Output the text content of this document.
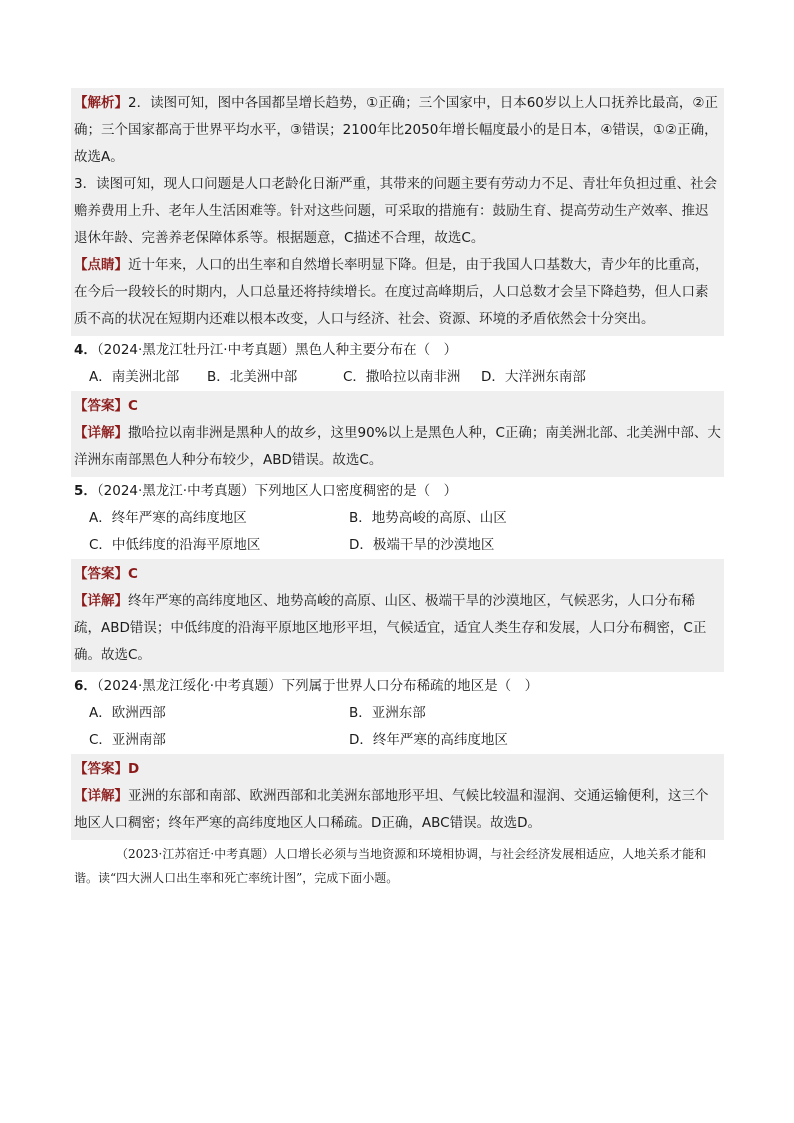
【解析】2．读图可知，图中各国都呈增长趋势，①正确；三个国家中，日本60岁以上人口抚养比最高，②正确；三个国家都高于世界平均水平，③错误；2100年比2050年增长幅度最小的是日本，④错误，①②正确，故选A。

3．读图可知，现人口问题是人口老龄化日渐严重，其带来的问题主要有劳动力不足、青壮年负担过重、社会赡养费用上升、老年人生活困难等。针对这些问题，可采取的措施有：鼓励生育、提高劳动生产效率、推迟退休年龄、完善养老保障体系等。根据题意，C描述不合理，故选C。

【点睛】近十年来，人口的出生率和自然增长率明显下降。但是，由于我国人口基数大，青少年的比重高，在今后一段较长的时期内，人口总量还将持续增长。在度过高峰期后，人口总数才会呈下降趋势，但人口素质不高的状况在短期内还难以根本改变，人口与经济、社会、资源、环境的矛盾依然会十分突出。

4．（2024·黑龙江牡丹江·中考真题）黑色人种主要分布在（　）

A．南美洲北部	B．北美洲中部	C．撒哈拉以南非洲	D．大洋洲东南部

【答案】C

【详解】撒哈拉以南非洲是黑种人的故乡，这里90%以上是黑色人种，C正确；南美洲北部、北美洲中部、大洋洲东南部黑色人种分布较少，ABD错误。故选C。

5．（2024·黑龙江·中考真题）下列地区人口密度稠密的是（　）

A．终年严寒的高纬度地区	B．地势高峻的高原、山区
C．中低纬度的沿海平原地区	D．极端干旱的沙漠地区

【答案】C

【详解】终年严寒的高纬度地区、地势高峻的高原、山区、极端干旱的沙漠地区，气候恶劣，人口分布稀疏，ABD错误；中低纬度的沿海平原地区地形平坦，气候适宜，适宜人类生存和发展，人口分布稠密，C正确。故选C。

6．（2024·黑龙江绥化·中考真题）下列属于世界人口分布稀疏的地区是（　）

A．欧洲西部	B．亚洲东部
C．亚洲南部	D．终年严寒的高纬度地区

【答案】D

【详解】亚洲的东部和南部、欧洲西部和北美洲东部地形平坦、气候比较温和湿润、交通运输便利，这三个地区人口稠密；终年严寒的高纬度地区人口稀疏。D正确，ABC错误。故选D。

（2023·江苏宿迁·中考真题）人口增长必须与当地资源和环境相协调，与社会经济发展相适应，人地关系才能和谐。读“四大洲人口出生率和死亡率统计图”，完成下面小题。
